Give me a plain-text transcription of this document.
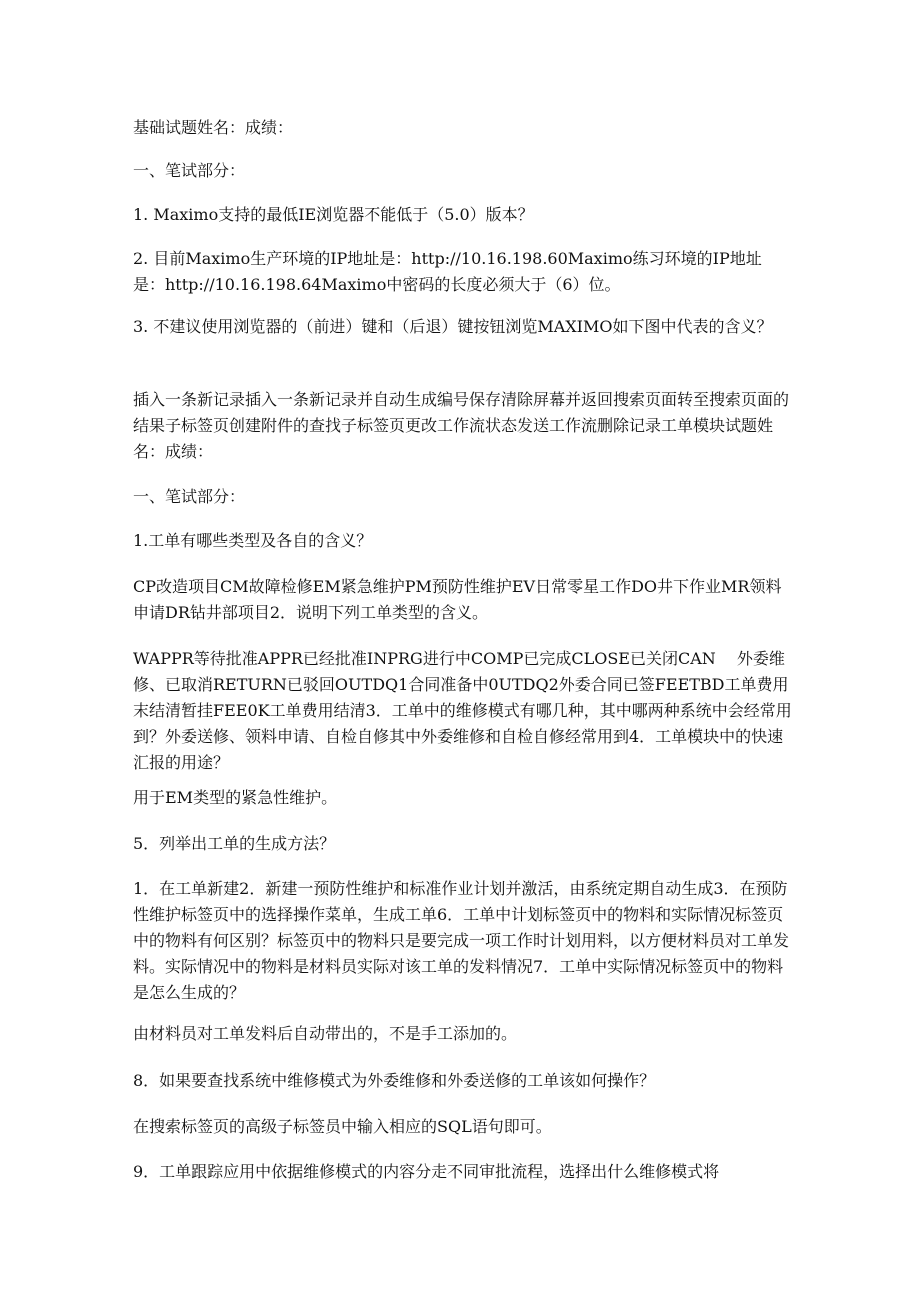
基础试题姓名：成绩：
一、笔试部分：
1. Maximo支持的最低IE浏览器不能低于（5.0）版本？
2. 目前Maximo生产环境的IP地址是：http://10.16.198.60Maximo练习环境的IP地址是：http://10.16.198.64Maximo中密码的长度必须大于（6）位。
3. 不建议使用浏览器的（前进）键和（后退）键按钮浏览MAXIMO如下图中代表的含义？
插入一条新记录插入一条新记录并自动生成编号保存清除屏幕并返回搜索页面转至搜索页面的结果子标签页创建附件的查找子标签页更改工作流状态发送工作流删除记录工单模块试题姓名：成绩：
一、笔试部分：
1.工单有哪些类型及各自的含义？
CP改造项目CM故障检修EM紧急维护PM预防性维护EV日常零星工作DO井下作业MR领料申请DR钻井部项目2．说明下列工单类型的含义。
WAPPR等待批准APPR已经批准INPRG进行中COMP已完成CLOSE已关闭CAN　 外委维修、已取消RETURN已驳回OUTDQ1合同准备中0UTDQ2外委合同已签FEETBD工单费用末结清暂挂FEE0K工单费用结清3．工单中的维修模式有哪几种，其中哪两种系统中会经常用到？外委送修、领料申请、自检自修其中外委维修和自检自修经常用到4．工单模块中的快速汇报的用途？
用于EM类型的紧急性维护。
5．列举出工单的生成方法？
1．在工单新建2．新建一预防性维护和标准作业计划并激活，由系统定期自动生成3．在预防性维护标签页中的选择操作菜单，生成工单6．工单中计划标签页中的物料和实际情况标签页中的物料有何区别？标签页中的物料只是要完成一项工作时计划用料，以方便材料员对工单发料。实际情况中的物料是材料员实际对该工单的发料情况7．工单中实际情况标签页中的物料是怎么生成的？
由材料员对工单发料后自动带出的，不是手工添加的。
8．如果要查找系统中维修模式为外委维修和外委送修的工单该如何操作？
在搜索标签页的高级子标签员中输入相应的SQL语句即可。
9．工单跟踪应用中依据维修模式的内容分走不同审批流程，选择出什么维修模式将
